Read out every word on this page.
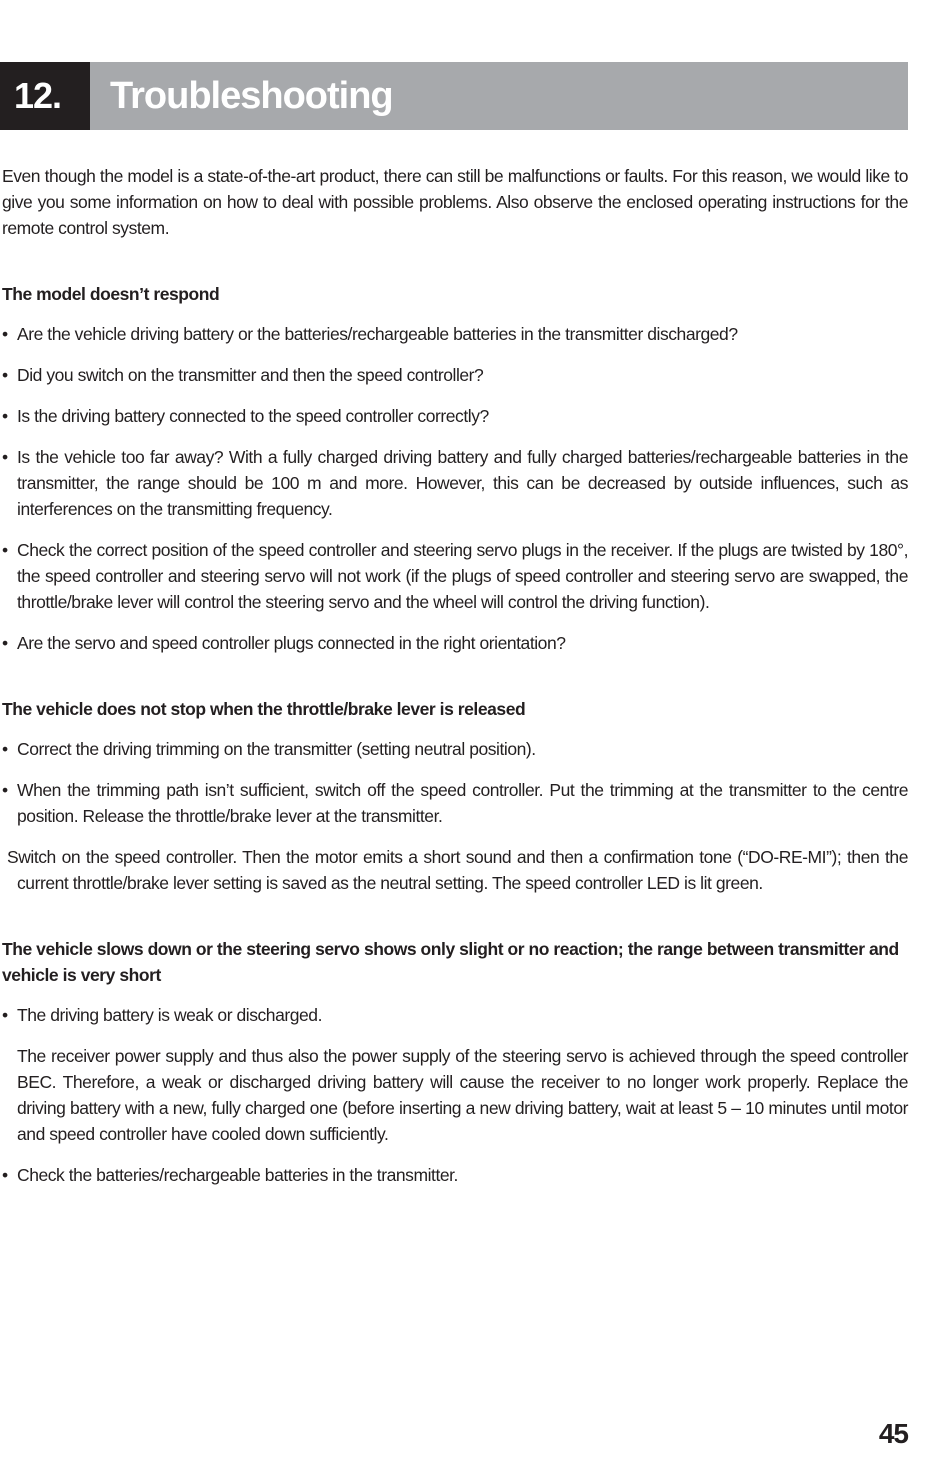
12.	Troubleshooting

Even though the model is a state-of-the-art product, there can still be malfunctions or faults. For this reason, we would like to give you some information on how to deal with possible problems. Also observe the enclosed operating instructions for the remote control system.

The model doesn’t respond

• Are the vehicle driving battery or the batteries/rechargeable batteries in the transmitter discharged?
• Did you switch on the transmitter and then the speed controller?
• Is the driving battery connected to the speed controller correctly?
• Is the vehicle too far away? With a fully charged driving battery and fully charged batteries/rechargeable batteries in the transmitter, the range should be 100 m and more. However, this can be decreased by outside influences, such as interferences on the transmitting frequency.
• Check the correct position of the speed controller and steering servo plugs in the receiver. If the plugs are twisted by 180°, the speed controller and steering servo will not work (if the plugs of speed controller and steering servo are swapped, the throttle/brake lever will control the steering servo and the wheel will control the driving function).
• Are the servo and speed controller plugs connected in the right orientation?

The vehicle does not stop when the throttle/brake lever is released

• Correct the driving trimming on the transmitter (setting neutral position).
• When the trimming path isn’t sufficient, switch off the speed controller. Put the trimming at the transmitter to the centre position. Release the throttle/brake lever at the transmitter.

Switch on the speed controller. Then the motor emits a short sound and then a confirmation tone (“DO-RE-MI”); then the current throttle/brake lever setting is saved as the neutral setting. The speed controller LED is lit green.

The vehicle slows down or the steering servo shows only slight or no reaction; the range between transmitter and vehicle is very short

• The driving battery is weak or discharged.

The receiver power supply and thus also the power supply of the steering servo is achieved through the speed controller BEC. Therefore, a weak or discharged driving battery will cause the receiver to no longer work properly. Replace the driving battery with a new, fully charged one (before inserting a new driving battery, wait at least 5 – 10 minutes until motor and speed controller have cooled down sufficiently.

• Check the batteries/rechargeable batteries in the transmitter.
45
